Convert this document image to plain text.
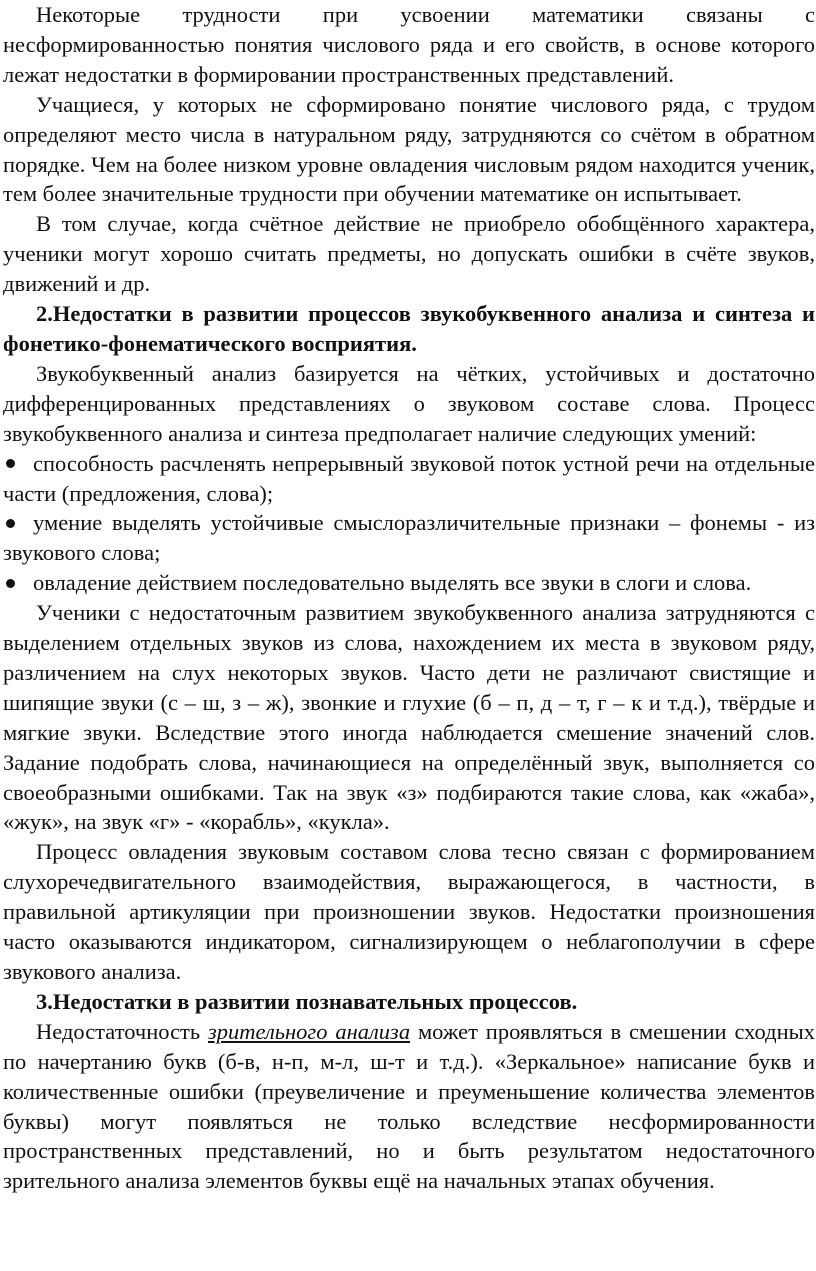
Некоторые трудности при усвоении математики связаны с несформированностью понятия числового ряда и его свойств, в основе которого лежат недостатки в формировании пространственных представлений.

Учащиеся, у которых не сформировано понятие числового ряда, с трудом определяют место числа в натуральном ряду, затрудняются со счётом в обратном порядке. Чем на более низком уровне овладения числовым рядом находится ученик, тем более значительные трудности при обучении математике он испытывает.

В том случае, когда счётное действие не приобрело обобщённого характера, ученики могут хорошо считать предметы, но допускать ошибки в счёте звуков, движений и др.

2.Недостатки в развитии процессов звукобуквенного анализа и синтеза и фонетико-фонематического восприятия.

Звукобуквенный анализ базируется на чётких, устойчивых и достаточно дифференцированных представлениях о звуковом составе слова. Процесс звукобуквенного анализа и синтеза предполагает наличие следующих умений:

способность расчленять непрерывный звуковой поток устной речи на отдельные части (предложения, слова);

умение выделять устойчивые смыслоразличительные признаки – фонемы - из звукового слова;

овладение действием последовательно выделять все звуки в слоги и слова.

Ученики с недостаточным развитием звукобуквенного анализа затрудняются с выделением отдельных звуков из слова, нахождением их места в звуковом ряду, различением на слух некоторых звуков. Часто дети не различают свистящие и шипящие звуки (с – ш, з – ж), звонкие и глухие (б – п, д – т, г – к и т.д.), твёрдые и мягкие звуки. Вследствие этого иногда наблюдается смешение значений слов. Задание подобрать слова, начинающиеся на определённый звук, выполняется со своеобразными ошибками. Так на звук «з» подбираются такие слова, как «жаба», «жук», на звук «г» - «корабль», «кукла».

Процесс овладения звуковым составом слова тесно связан с формированием слухоречедвигательного взаимодействия, выражающегося, в частности, в правильной артикуляции при произношении звуков. Недостатки произношения часто оказываются индикатором, сигнализирующем о неблагополучии в сфере звукового анализа.

3.Недостатки в развитии познавательных процессов.

Недостаточность зрительного анализа может проявляться в смешении сходных по начертанию букв (б-в, н-п, м-л, ш-т и т.д.). «Зеркальное» написание букв и количественные ошибки (преувеличение и преуменьшение количества элементов буквы) могут появляться не только вследствие несформированности пространственных представлений, но и быть результатом недостаточного зрительного анализа элементов буквы ещё на начальных этапах обучения.
